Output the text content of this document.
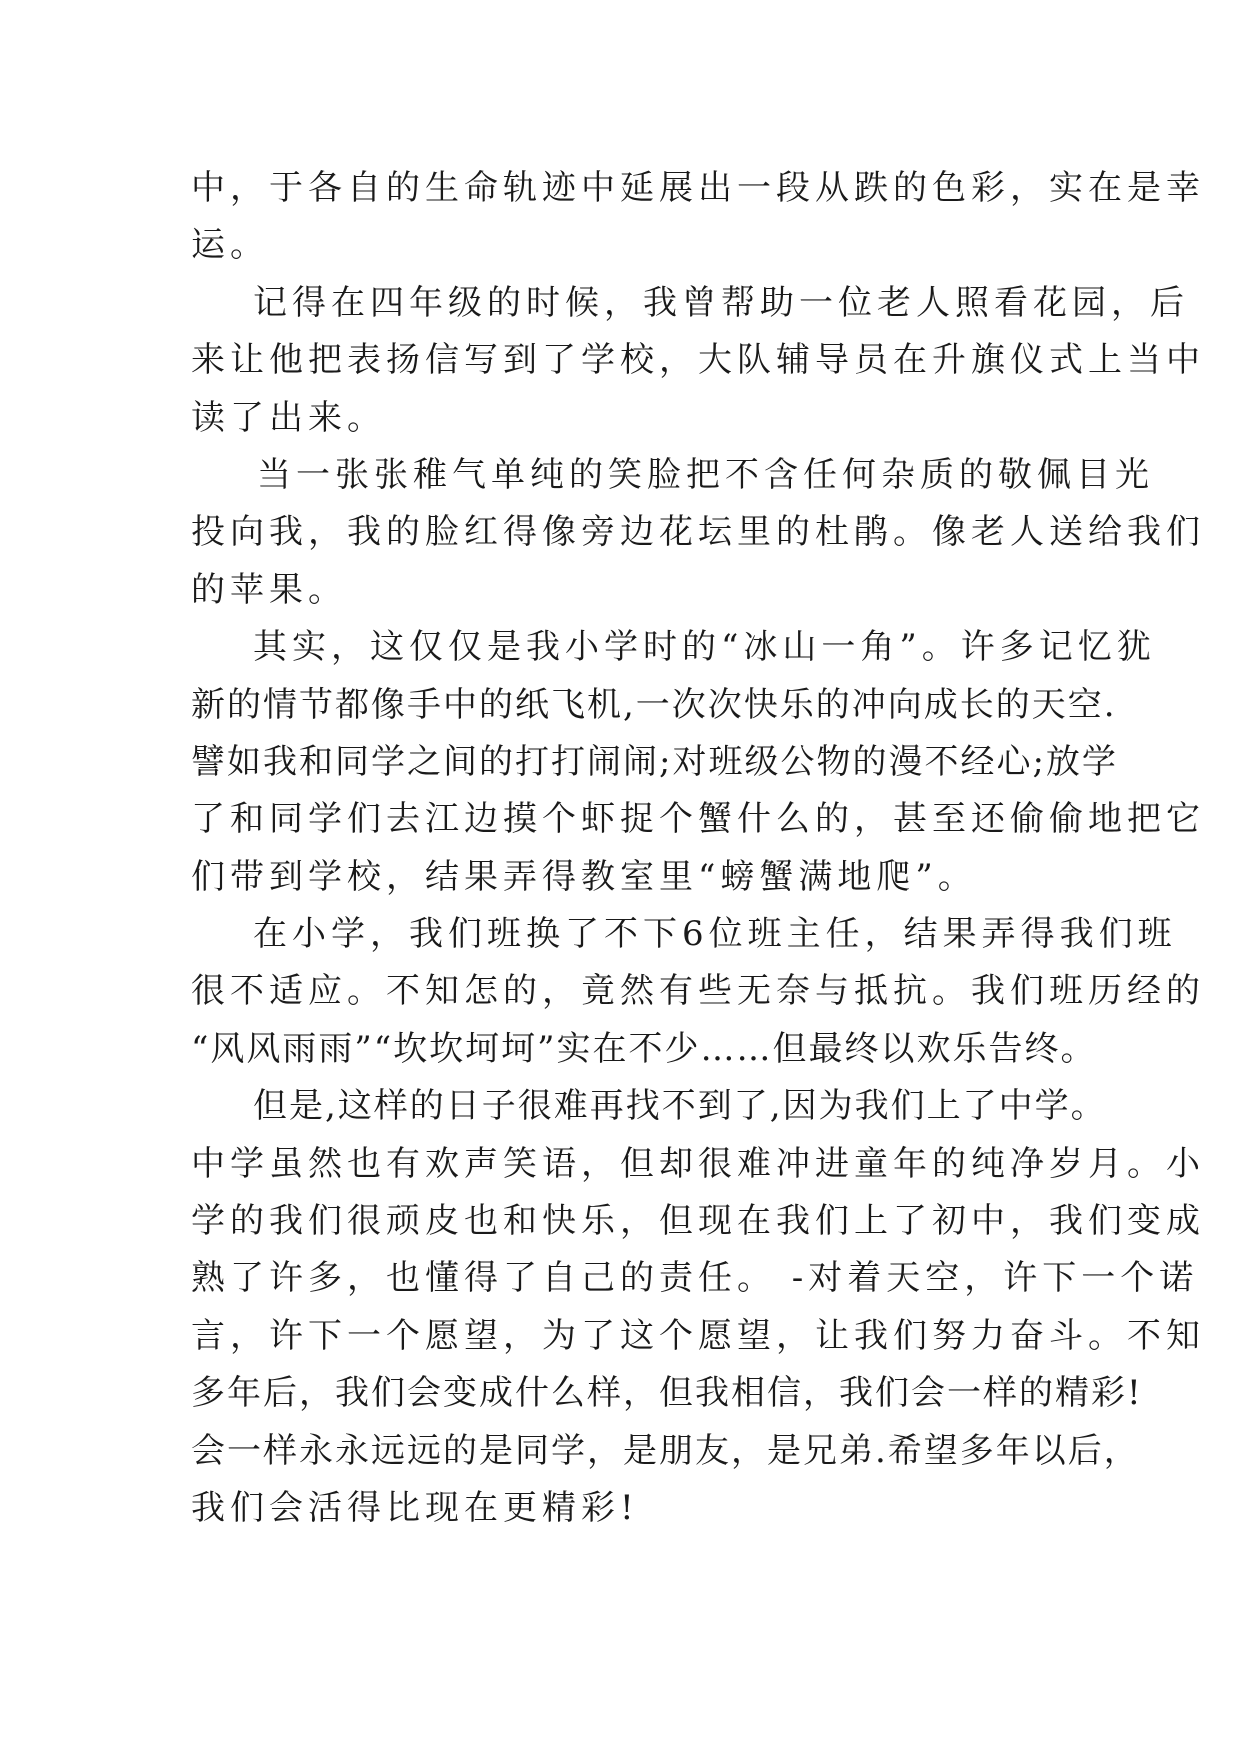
中，于各自的生命轨迹中延展出一段从跌的色彩，实在是幸
运。
记得在四年级的时候，我曾帮助一位老人照看花园，后
来让他把表扬信写到了学校，大队辅导员在升旗仪式上当中
读了出来。
当一张张稚气单纯的笑脸把不含任何杂质的敬佩目光
投向我，我的脸红得像旁边花坛里的杜鹃。像老人送给我们
的苹果。
其实，这仅仅是我小学时的“冰山一角”。许多记忆犹
新的情节都像手中的纸飞机,一次次快乐的冲向成长的天空.
譬如我和同学之间的打打闹闹;对班级公物的漫不经心;放学
了和同学们去江边摸个虾捉个蟹什么的，甚至还偷偷地把它
们带到学校，结果弄得教室里“螃蟹满地爬”。
在小学，我们班换了不下6位班主任，结果弄得我们班
很不适应。不知怎的，竟然有些无奈与抵抗。我们班历经的
“风风雨雨”“坎坎坷坷”实在不少……但最终以欢乐告终。
但是,这样的日子很难再找不到了,因为我们上了中学。
中学虽然也有欢声笑语，但却很难冲进童年的纯净岁月。小
学的我们很顽皮也和快乐，但现在我们上了初中，我们变成
熟了许多，也懂得了自己的责任。 -对着天空，许下一个诺
言，许下一个愿望，为了这个愿望，让我们努力奋斗。不知
多年后，我们会变成什么样，但我相信，我们会一样的精彩!
会一样永永远远的是同学，是朋友，是兄弟.希望多年以后，
我们会活得比现在更精彩!
